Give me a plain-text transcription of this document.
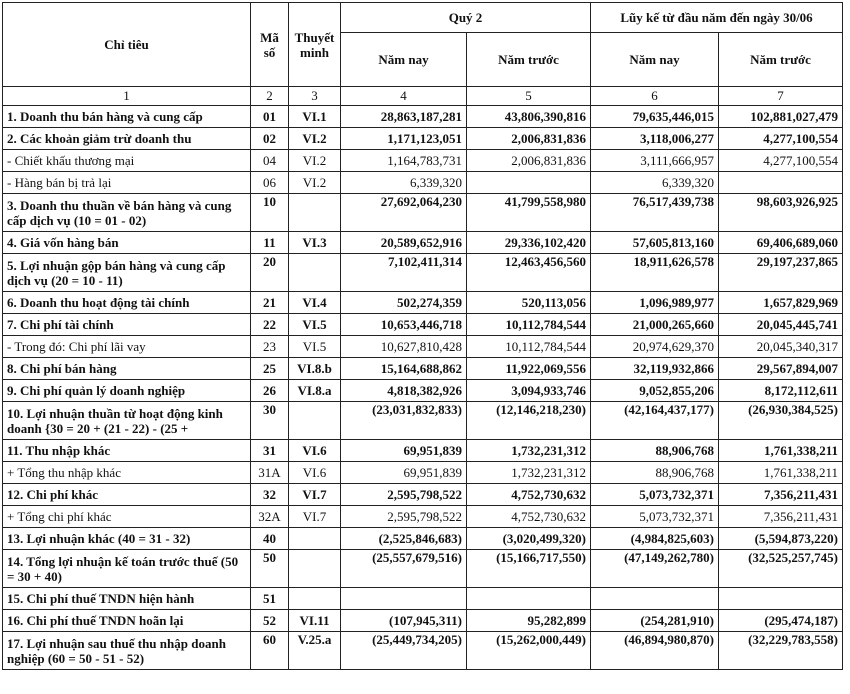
Chỉ tiêu	Mã số	Thuyết minh	Quý 2		Lũy kế từ đầu năm đến ngày 30/06	
			Năm nay	Năm trước	Năm nay	Năm trước
1	2	3	4	5	6	7
1. Doanh thu bán hàng và cung cấp	01	VI.1	28,863,187,281	43,806,390,816	79,635,446,015	102,881,027,479
2. Các khoản giảm trừ doanh thu	02	VI.2	1,171,123,051	2,006,831,836	3,118,006,277	4,277,100,554
- Chiết khấu thương mại	04	VI.2	1,164,783,731	2,006,831,836	3,111,666,957	4,277,100,554
- Hàng bán bị trả lại	06	VI.2	6,339,320		6,339,320	
3. Doanh thu thuần về bán hàng và cung cấp dịch vụ (10 = 01 - 02)	10		27,692,064,230	41,799,558,980	76,517,439,738	98,603,926,925
4. Giá vốn hàng bán	11	VI.3	20,589,652,916	29,336,102,420	57,605,813,160	69,406,689,060
5. Lợi nhuận gộp bán hàng và cung cấp dịch vụ (20 = 10 - 11)	20		7,102,411,314	12,463,456,560	18,911,626,578	29,197,237,865
6. Doanh thu hoạt động tài chính	21	VI.4	502,274,359	520,113,056	1,096,989,977	1,657,829,969
7. Chi phí tài chính	22	VI.5	10,653,446,718	10,112,784,544	21,000,265,660	20,045,445,741
- Trong đó: Chi phí lãi vay	23	VI.5	10,627,810,428	10,112,784,544	20,974,629,370	20,045,340,317
8. Chi phí bán hàng	25	VI.8.b	15,164,688,862	11,922,069,556	32,119,932,866	29,567,894,007
9. Chi phí quản lý doanh nghiệp	26	VI.8.a	4,818,382,926	3,094,933,746	9,052,855,206	8,172,112,611
10. Lợi nhuận thuần từ hoạt động kinh doanh {30 = 20 + (21 - 22) - (25 +	30		(23,031,832,833)	(12,146,218,230)	(42,164,437,177)	(26,930,384,525)
11. Thu nhập khác	31	VI.6	69,951,839	1,732,231,312	88,906,768	1,761,338,211
+ Tổng thu nhập khác	31A	VI.6	69,951,839	1,732,231,312	88,906,768	1,761,338,211
12. Chi phí khác	32	VI.7	2,595,798,522	4,752,730,632	5,073,732,371	7,356,211,431
+ Tổng chi phí khác	32A	VI.7	2,595,798,522	4,752,730,632	5,073,732,371	7,356,211,431
13. Lợi nhuận khác (40 = 31 - 32)	40		(2,525,846,683)	(3,020,499,320)	(4,984,825,603)	(5,594,873,220)
14. Tổng lợi nhuận kế toán trước thuế (50 = 30 + 40)	50		(25,557,679,516)	(15,166,717,550)	(47,149,262,780)	(32,525,257,745)
15. Chi phí thuế TNDN hiện hành	51					
16. Chi phí thuế TNDN hoãn lại	52	VI.11	(107,945,311)	95,282,899	(254,281,910)	(295,474,187)
17. Lợi nhuận sau thuế thu nhập doanh nghiệp (60 = 50 - 51 - 52)	60	V.25.a	(25,449,734,205)	(15,262,000,449)	(46,894,980,870)	(32,229,783,558)
